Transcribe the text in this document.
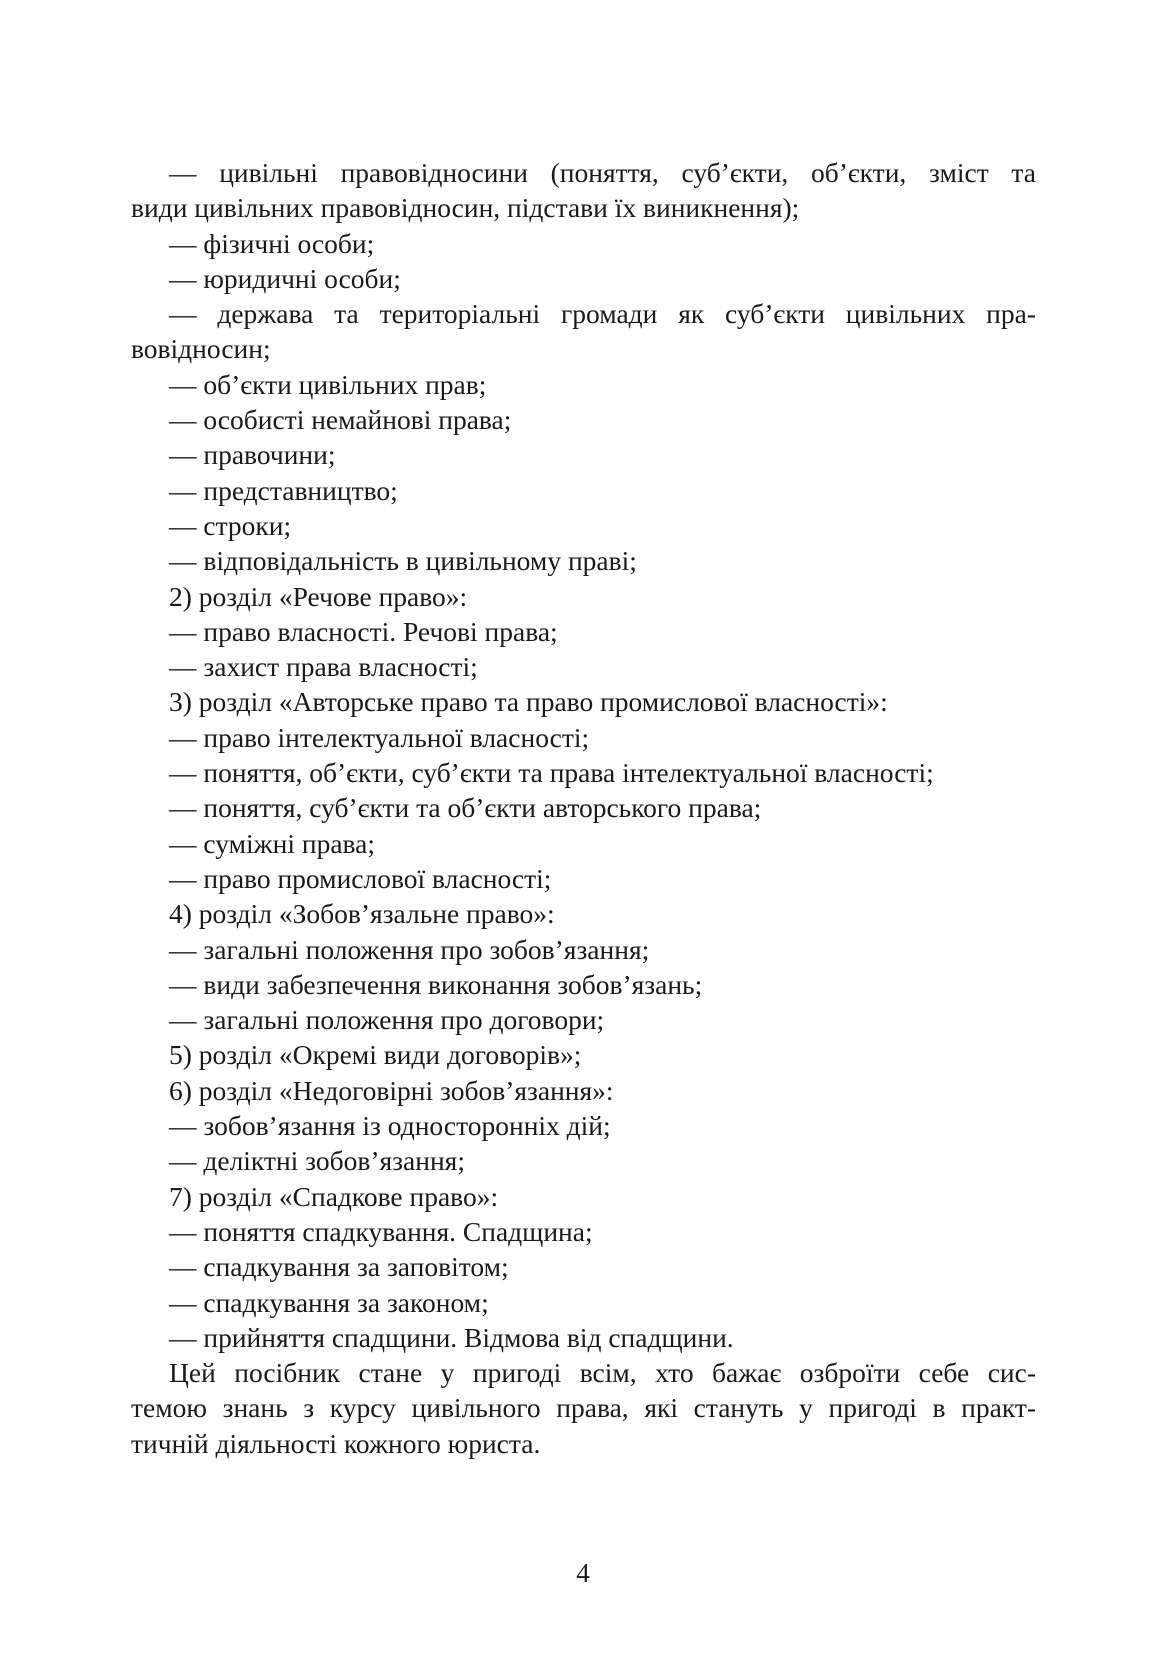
— цивільні правовідносини (поняття, суб’єкти, об’єкти, зміст та
види цивільних правовідносин, підстави їх виникнення);
— фізичні особи;
— юридичні особи;
— держава та територіальні громади як суб’єкти цивільних пра-
вовідносин;
— об’єкти цивільних прав;
— особисті немайнові права;
— правочини;
— представництво;
— строки;
— відповідальність в цивільному праві;
2) розділ «Речове право»:
— право власності. Речові права;
— захист права власності;
3) розділ «Авторське право та право промислової власності»:
— право інтелектуальної власності;
— поняття, об’єкти, суб’єкти та права інтелектуальної власності;
— поняття, суб’єкти та об’єкти авторського права;
— суміжні права;
— право промислової власності;
4) розділ «Зобов’язальне право»:
— загальні положення про зобов’язання;
— види забезпечення виконання зобов’язань;
— загальні положення про договори;
5) розділ «Окремі види договорів»;
6) розділ «Недоговірні зобов’язання»:
— зобов’язання із односторонніх дій;
— деліктні зобов’язання;
7) розділ «Спадкове право»:
— поняття спадкування. Спадщина;
— спадкування за заповітом;
— спадкування за законом;
— прийняття спадщини. Відмова від спадщини.
Цей посібник стане у пригоді всім, хто бажає озброїти себе сис-
темою знань з курсу цивільного права, які стануть у пригоді в практ-
тичній діяльності кожного юриста.
4
